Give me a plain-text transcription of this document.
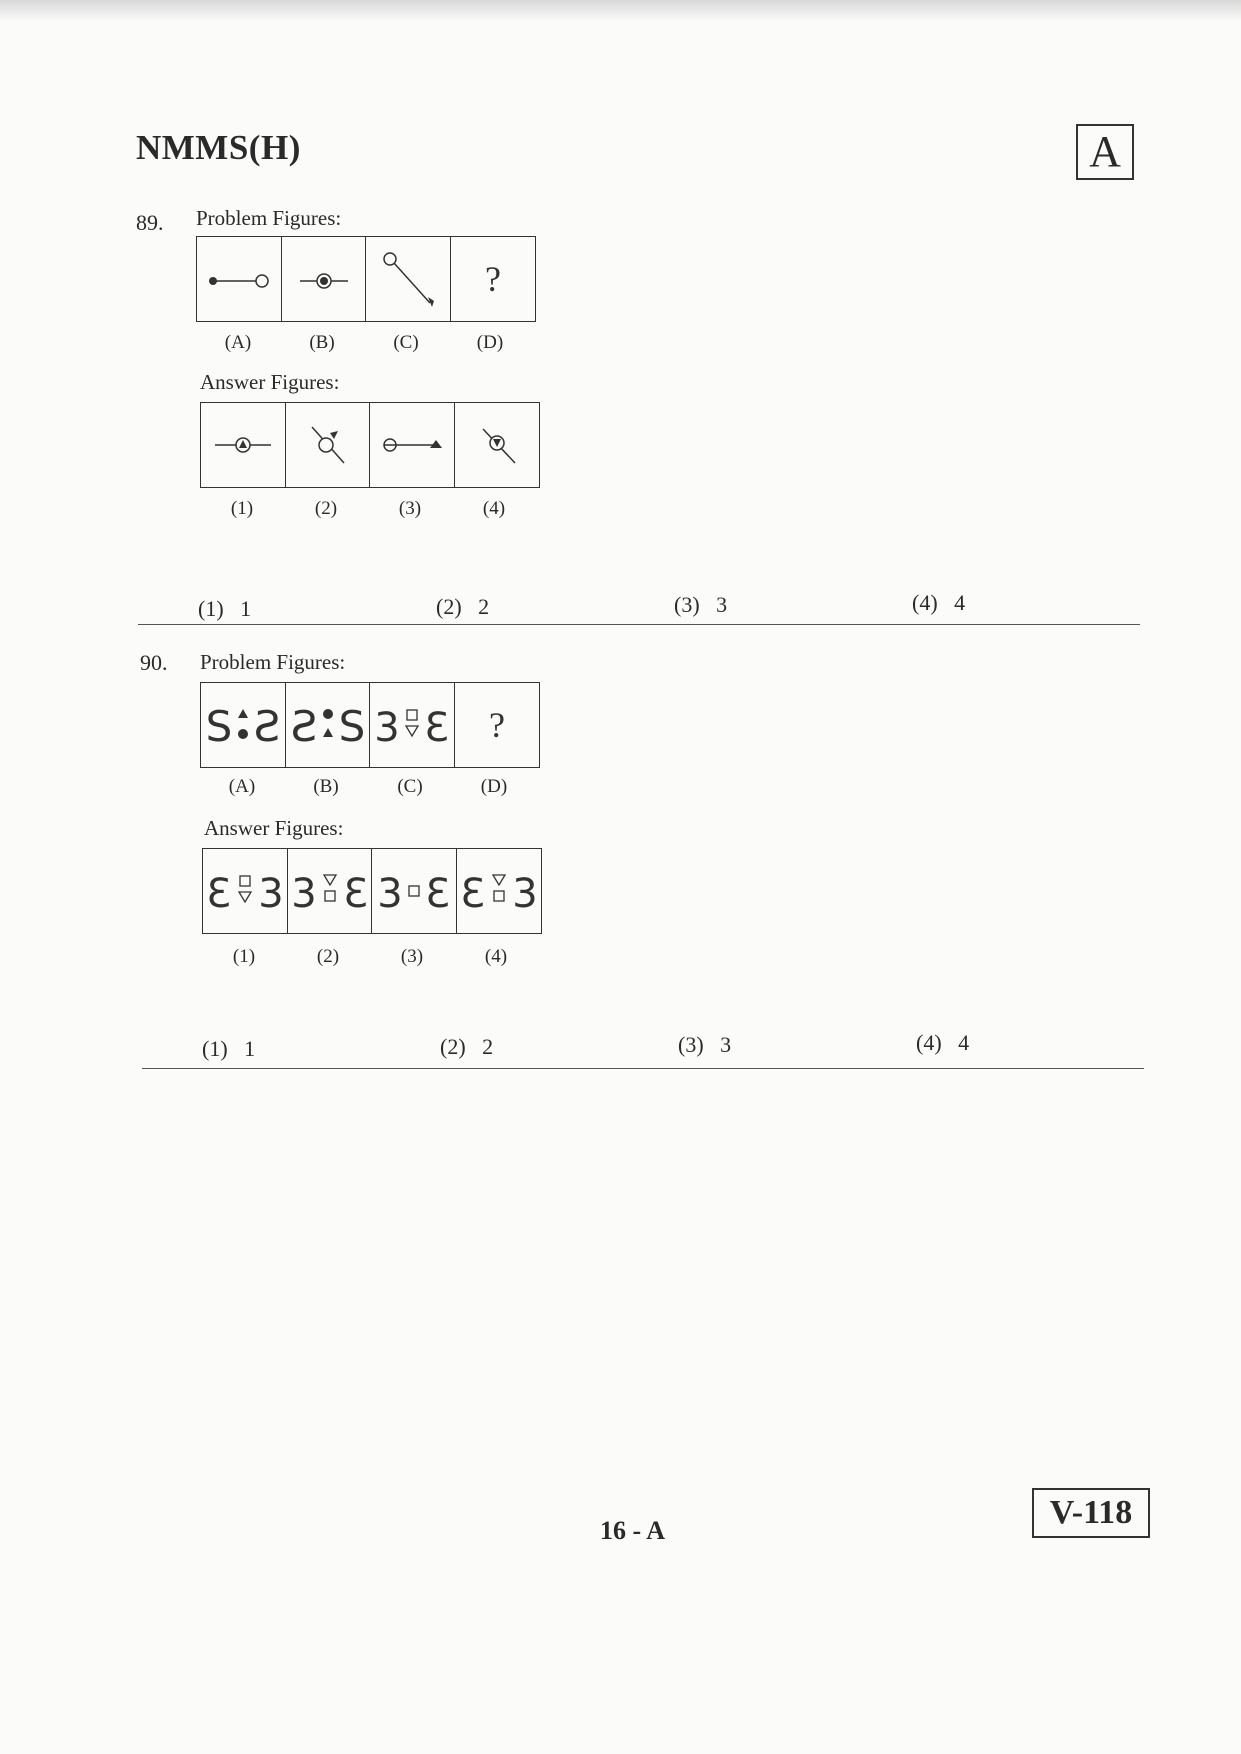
NMMS(H)	A
89. Problem Figures:
?
(A)	(B)	(C)	(D)
Answer Figures:
(1)	(2)	(3)	(4)
(1)   1	(2)   2	(3)   3	(4)   4
90. Problem Figures:
S S S S 3 3 ?
(A)	(B)	(C)	(D)
Answer Figures:
3 3 3 3 3 3 3 3
(1)	(2)	(3)	(4)
(1)   1	(2)   2	(3)   3	(4)   4
16 - A	V-118
